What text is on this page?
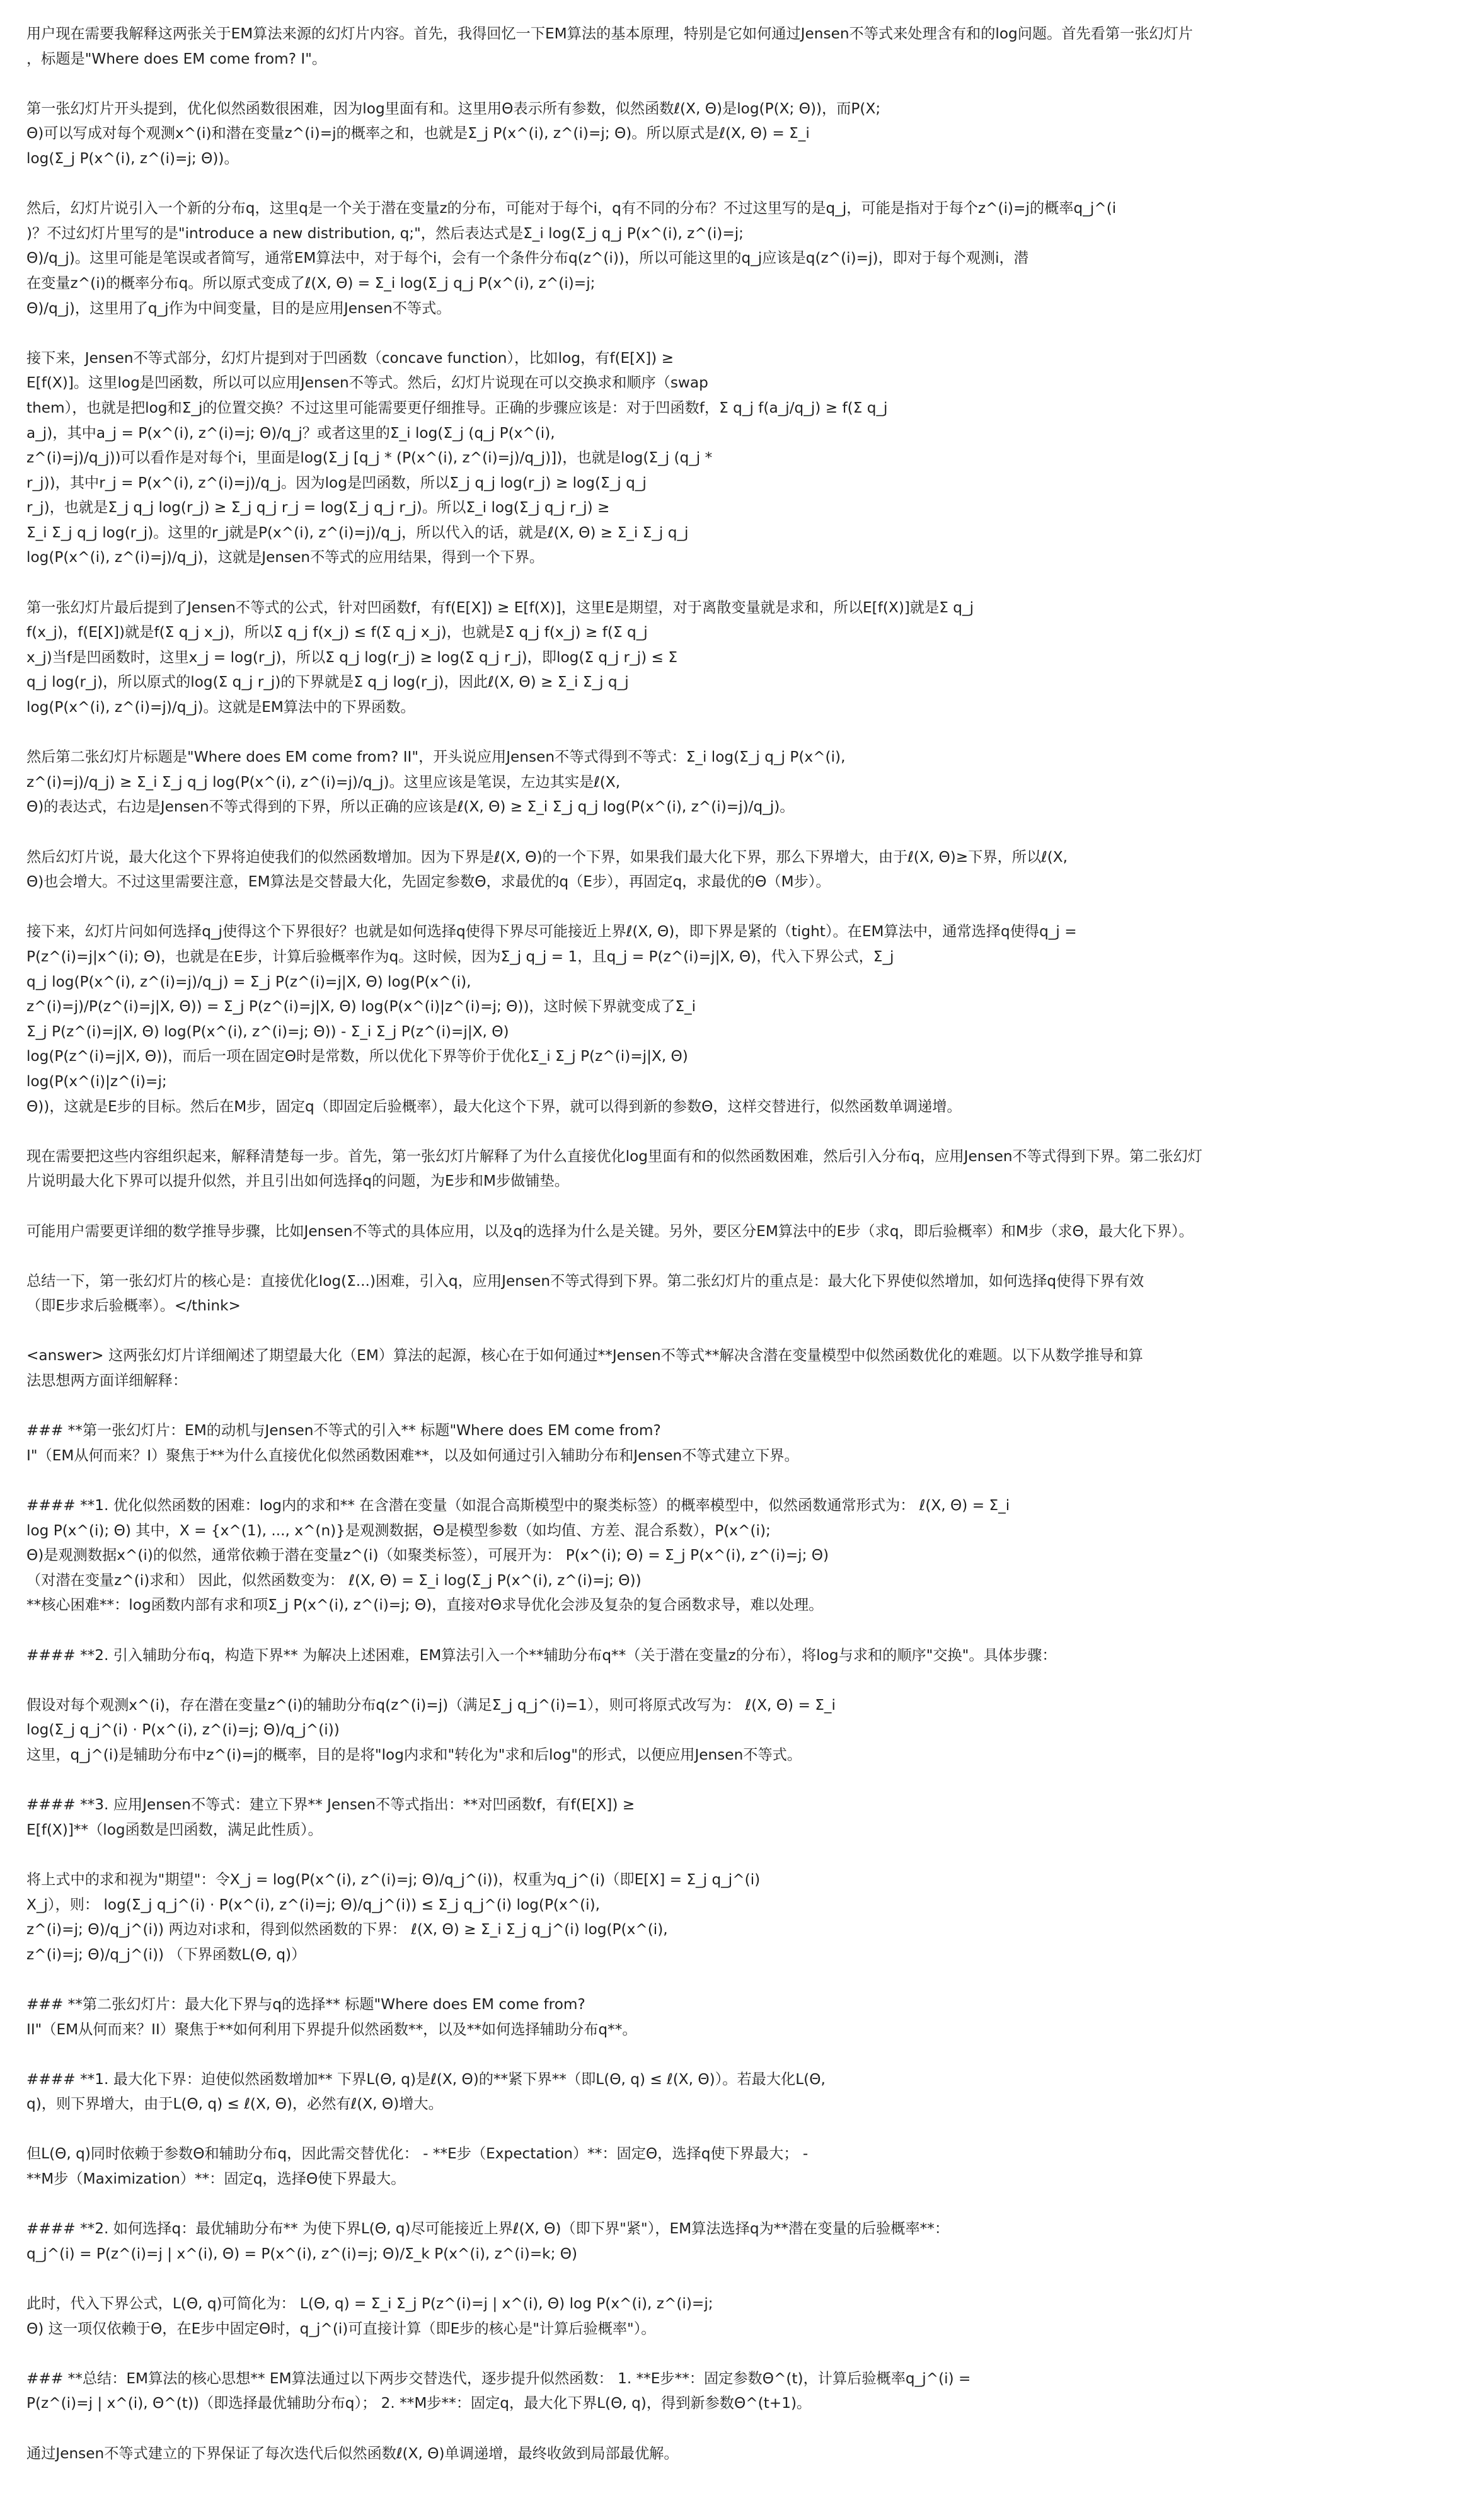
用户现在需要我解释这两张关于EM算法来源的幻灯片内容。首先，我得回忆一下EM算法的基本原理，特别是它如何通过Jensen不等式来处理含有和的log问题。首先看第一张幻灯片
，标题是"Where does EM come from? I"。

第一张幻灯片开头提到，优化似然函数很困难，因为log里面有和。这里用Θ表示所有参数，似然函数ℓ(X, Θ)是log(P(X; Θ))，而P(X;
Θ)可以写成对每个观测x^(i)和潜在变量z^(i)=j的概率之和，也就是Σ_j P(x^(i), z^(i)=j; Θ)。所以原式是ℓ(X, Θ) = Σ_i
log(Σ_j P(x^(i), z^(i)=j; Θ))。

然后，幻灯片说引入一个新的分布q，这里q是一个关于潜在变量z的分布，可能对于每个i，q有不同的分布？不过这里写的是q_j，可能是指对于每个z^(i)=j的概率q_j^(i
)？不过幻灯片里写的是"introduce a new distribution, q;"，然后表达式是Σ_i log(Σ_j q_j P(x^(i), z^(i)=j;
Θ)/q_j)。这里可能是笔误或者简写，通常EM算法中，对于每个i，会有一个条件分布q(z^(i))，所以可能这里的q_j应该是q(z^(i)=j)，即对于每个观测i，潜
在变量z^(i)的概率分布q。所以原式变成了ℓ(X, Θ) = Σ_i log(Σ_j q_j P(x^(i), z^(i)=j;
Θ)/q_j)，这里用了q_j作为中间变量，目的是应用Jensen不等式。

接下来，Jensen不等式部分，幻灯片提到对于凹函数（concave function），比如log，有f(E[X]) ≥
E[f(X)]。这里log是凹函数，所以可以应用Jensen不等式。然后，幻灯片说现在可以交换求和顺序（swap
them），也就是把log和Σ_j的位置交换？不过这里可能需要更仔细推导。正确的步骤应该是：对于凹函数f，Σ q_j f(a_j/q_j) ≥ f(Σ q_j
a_j)，其中a_j = P(x^(i), z^(i)=j; Θ)/q_j？或者这里的Σ_i log(Σ_j (q_j P(x^(i),
z^(i)=j)/q_j))可以看作是对每个i，里面是log(Σ_j [q_j * (P(x^(i), z^(i)=j)/q_j)])，也就是log(Σ_j (q_j *
r_j))，其中r_j = P(x^(i), z^(i)=j)/q_j。因为log是凹函数，所以Σ_j q_j log(r_j) ≥ log(Σ_j q_j
r_j)，也就是Σ_j q_j log(r_j) ≥ Σ_j q_j r_j = log(Σ_j q_j r_j)。所以Σ_i log(Σ_j q_j r_j) ≥
Σ_i Σ_j q_j log(r_j)。这里的r_j就是P(x^(i), z^(i)=j)/q_j，所以代入的话，就是ℓ(X, Θ) ≥ Σ_i Σ_j q_j
log(P(x^(i), z^(i)=j)/q_j)，这就是Jensen不等式的应用结果，得到一个下界。

第一张幻灯片最后提到了Jensen不等式的公式，针对凹函数f，有f(E[X]) ≥ E[f(X)]，这里E是期望，对于离散变量就是求和，所以E[f(X)]就是Σ q_j
f(x_j)，f(E[X])就是f(Σ q_j x_j)，所以Σ q_j f(x_j) ≤ f(Σ q_j x_j)，也就是Σ q_j f(x_j) ≥ f(Σ q_j
x_j)当f是凹函数时，这里x_j = log(r_j)，所以Σ q_j log(r_j) ≥ log(Σ q_j r_j)，即log(Σ q_j r_j) ≤ Σ
q_j log(r_j)，所以原式的log(Σ q_j r_j)的下界就是Σ q_j log(r_j)，因此ℓ(X, Θ) ≥ Σ_i Σ_j q_j
log(P(x^(i), z^(i)=j)/q_j)。这就是EM算法中的下界函数。

然后第二张幻灯片标题是"Where does EM come from? II"，开头说应用Jensen不等式得到不等式：Σ_i log(Σ_j q_j P(x^(i),
z^(i)=j)/q_j) ≥ Σ_i Σ_j q_j log(P(x^(i), z^(i)=j)/q_j)。这里应该是笔误，左边其实是ℓ(X,
Θ)的表达式，右边是Jensen不等式得到的下界，所以正确的应该是ℓ(X, Θ) ≥ Σ_i Σ_j q_j log(P(x^(i), z^(i)=j)/q_j)。

然后幻灯片说，最大化这个下界将迫使我们的似然函数增加。因为下界是ℓ(X, Θ)的一个下界，如果我们最大化下界，那么下界增大，由于ℓ(X, Θ)≥下界，所以ℓ(X,
Θ)也会增大。不过这里需要注意，EM算法是交替最大化，先固定参数Θ，求最优的q（E步），再固定q，求最优的Θ（M步）。

接下来，幻灯片问如何选择q_j使得这个下界很好？也就是如何选择q使得下界尽可能接近上界ℓ(X, Θ)，即下界是紧的（tight）。在EM算法中，通常选择q使得q_j =
P(z^(i)=j|x^(i); Θ)，也就是在E步，计算后验概率作为q。这时候，因为Σ_j q_j = 1，且q_j = P(z^(i)=j|X, Θ)，代入下界公式，Σ_j
q_j log(P(x^(i), z^(i)=j)/q_j) = Σ_j P(z^(i)=j|X, Θ) log(P(x^(i),
z^(i)=j)/P(z^(i)=j|X, Θ)) = Σ_j P(z^(i)=j|X, Θ) log(P(x^(i)|z^(i)=j; Θ))，这时候下界就变成了Σ_i
Σ_j P(z^(i)=j|X, Θ) log(P(x^(i), z^(i)=j; Θ)) - Σ_i Σ_j P(z^(i)=j|X, Θ)
log(P(z^(i)=j|X, Θ))，而后一项在固定Θ时是常数，所以优化下界等价于优化Σ_i Σ_j P(z^(i)=j|X, Θ)
log(P(x^(i)|z^(i)=j;
Θ))，这就是E步的目标。然后在M步，固定q（即固定后验概率），最大化这个下界，就可以得到新的参数Θ，这样交替进行，似然函数单调递增。

现在需要把这些内容组织起来，解释清楚每一步。首先，第一张幻灯片解释了为什么直接优化log里面有和的似然函数困难，然后引入分布q，应用Jensen不等式得到下界。第二张幻灯
片说明最大化下界可以提升似然，并且引出如何选择q的问题，为E步和M步做铺垫。

可能用户需要更详细的数学推导步骤，比如Jensen不等式的具体应用，以及q的选择为什么是关键。另外，要区分EM算法中的E步（求q，即后验概率）和M步（求Θ，最大化下界）。

总结一下，第一张幻灯片的核心是：直接优化log(Σ...)困难，引入q，应用Jensen不等式得到下界。第二张幻灯片的重点是：最大化下界使似然增加，如何选择q使得下界有效
（即E步求后验概率）。</think>

<answer> 这两张幻灯片详细阐述了期望最大化（EM）算法的起源，核心在于如何通过**Jensen不等式**解决含潜在变量模型中似然函数优化的难题。以下从数学推导和算
法思想两方面详细解释：

### **第一张幻灯片：EM的动机与Jensen不等式的引入** 标题"Where does EM come from?
I"（EM从何而来？I）聚焦于**为什么直接优化似然函数困难**，以及如何通过引入辅助分布和Jensen不等式建立下界。

#### **1. 优化似然函数的困难：log内的求和** 在含潜在变量（如混合高斯模型中的聚类标签）的概率模型中，似然函数通常形式为： ℓ(X, Θ) = Σ_i
log P(x^(i); Θ) 其中，X = {x^(1), ..., x^(n)}是观测数据，Θ是模型参数（如均值、方差、混合系数），P(x^(i);
Θ)是观测数据x^(i)的似然，通常依赖于潜在变量z^(i)（如聚类标签），可展开为： P(x^(i); Θ) = Σ_j P(x^(i), z^(i)=j; Θ)
（对潜在变量z^(i)求和） 因此，似然函数变为： ℓ(X, Θ) = Σ_i log(Σ_j P(x^(i), z^(i)=j; Θ))
**核心困难**：log函数内部有求和项Σ_j P(x^(i), z^(i)=j; Θ)，直接对Θ求导优化会涉及复杂的复合函数求导，难以处理。

#### **2. 引入辅助分布q，构造下界** 为解决上述困难，EM算法引入一个**辅助分布q**（关于潜在变量z的分布），将log与求和的顺序"交换"。具体步骤：

假设对每个观测x^(i)，存在潜在变量z^(i)的辅助分布q(z^(i)=j)（满足Σ_j q_j^(i)=1），则可将原式改写为： ℓ(X, Θ) = Σ_i
log(Σ_j q_j^(i) · P(x^(i), z^(i)=j; Θ)/q_j^(i))
这里，q_j^(i)是辅助分布中z^(i)=j的概率，目的是将"log内求和"转化为"求和后log"的形式，以便应用Jensen不等式。

#### **3. 应用Jensen不等式：建立下界** Jensen不等式指出：**对凹函数f，有f(E[X]) ≥
E[f(X)]**（log函数是凹函数，满足此性质）。

将上式中的求和视为"期望"：令X_j = log(P(x^(i), z^(i)=j; Θ)/q_j^(i))，权重为q_j^(i)（即E[X] = Σ_j q_j^(i)
X_j），则： log(Σ_j q_j^(i) · P(x^(i), z^(i)=j; Θ)/q_j^(i)) ≤ Σ_j q_j^(i) log(P(x^(i),
z^(i)=j; Θ)/q_j^(i)) 两边对i求和，得到似然函数的下界： ℓ(X, Θ) ≥ Σ_i Σ_j q_j^(i) log(P(x^(i),
z^(i)=j; Θ)/q_j^(i)) （下界函数L(Θ, q)）

### **第二张幻灯片：最大化下界与q的选择** 标题"Where does EM come from?
II"（EM从何而来？II）聚焦于**如何利用下界提升似然函数**，以及**如何选择辅助分布q**。

#### **1. 最大化下界：迫使似然函数增加** 下界L(Θ, q)是ℓ(X, Θ)的**紧下界**（即L(Θ, q) ≤ ℓ(X, Θ)）。若最大化L(Θ,
q)，则下界增大，由于L(Θ, q) ≤ ℓ(X, Θ)，必然有ℓ(X, Θ)增大。

但L(Θ, q)同时依赖于参数Θ和辅助分布q，因此需交替优化： - **E步（Expectation）**：固定Θ，选择q使下界最大； -
**M步（Maximization）**：固定q，选择Θ使下界最大。

#### **2. 如何选择q：最优辅助分布** 为使下界L(Θ, q)尽可能接近上界ℓ(X, Θ)（即下界"紧"），EM算法选择q为**潜在变量的后验概率**：
q_j^(i) = P(z^(i)=j | x^(i), Θ) = P(x^(i), z^(i)=j; Θ)/Σ_k P(x^(i), z^(i)=k; Θ)

此时，代入下界公式，L(Θ, q)可简化为： L(Θ, q) = Σ_i Σ_j P(z^(i)=j | x^(i), Θ) log P(x^(i), z^(i)=j;
Θ) 这一项仅依赖于Θ，在E步中固定Θ时，q_j^(i)可直接计算（即E步的核心是"计算后验概率"）。

### **总结：EM算法的核心思想** EM算法通过以下两步交替迭代，逐步提升似然函数： 1. **E步**：固定参数Θ^(t)，计算后验概率q_j^(i) =
P(z^(i)=j | x^(i), Θ^(t))（即选择最优辅助分布q）； 2. **M步**：固定q，最大化下界L(Θ, q)，得到新参数Θ^(t+1)。

通过Jensen不等式建立的下界保证了每次迭代后似然函数ℓ(X, Θ)单调递增，最终收敛到局部最优解。
